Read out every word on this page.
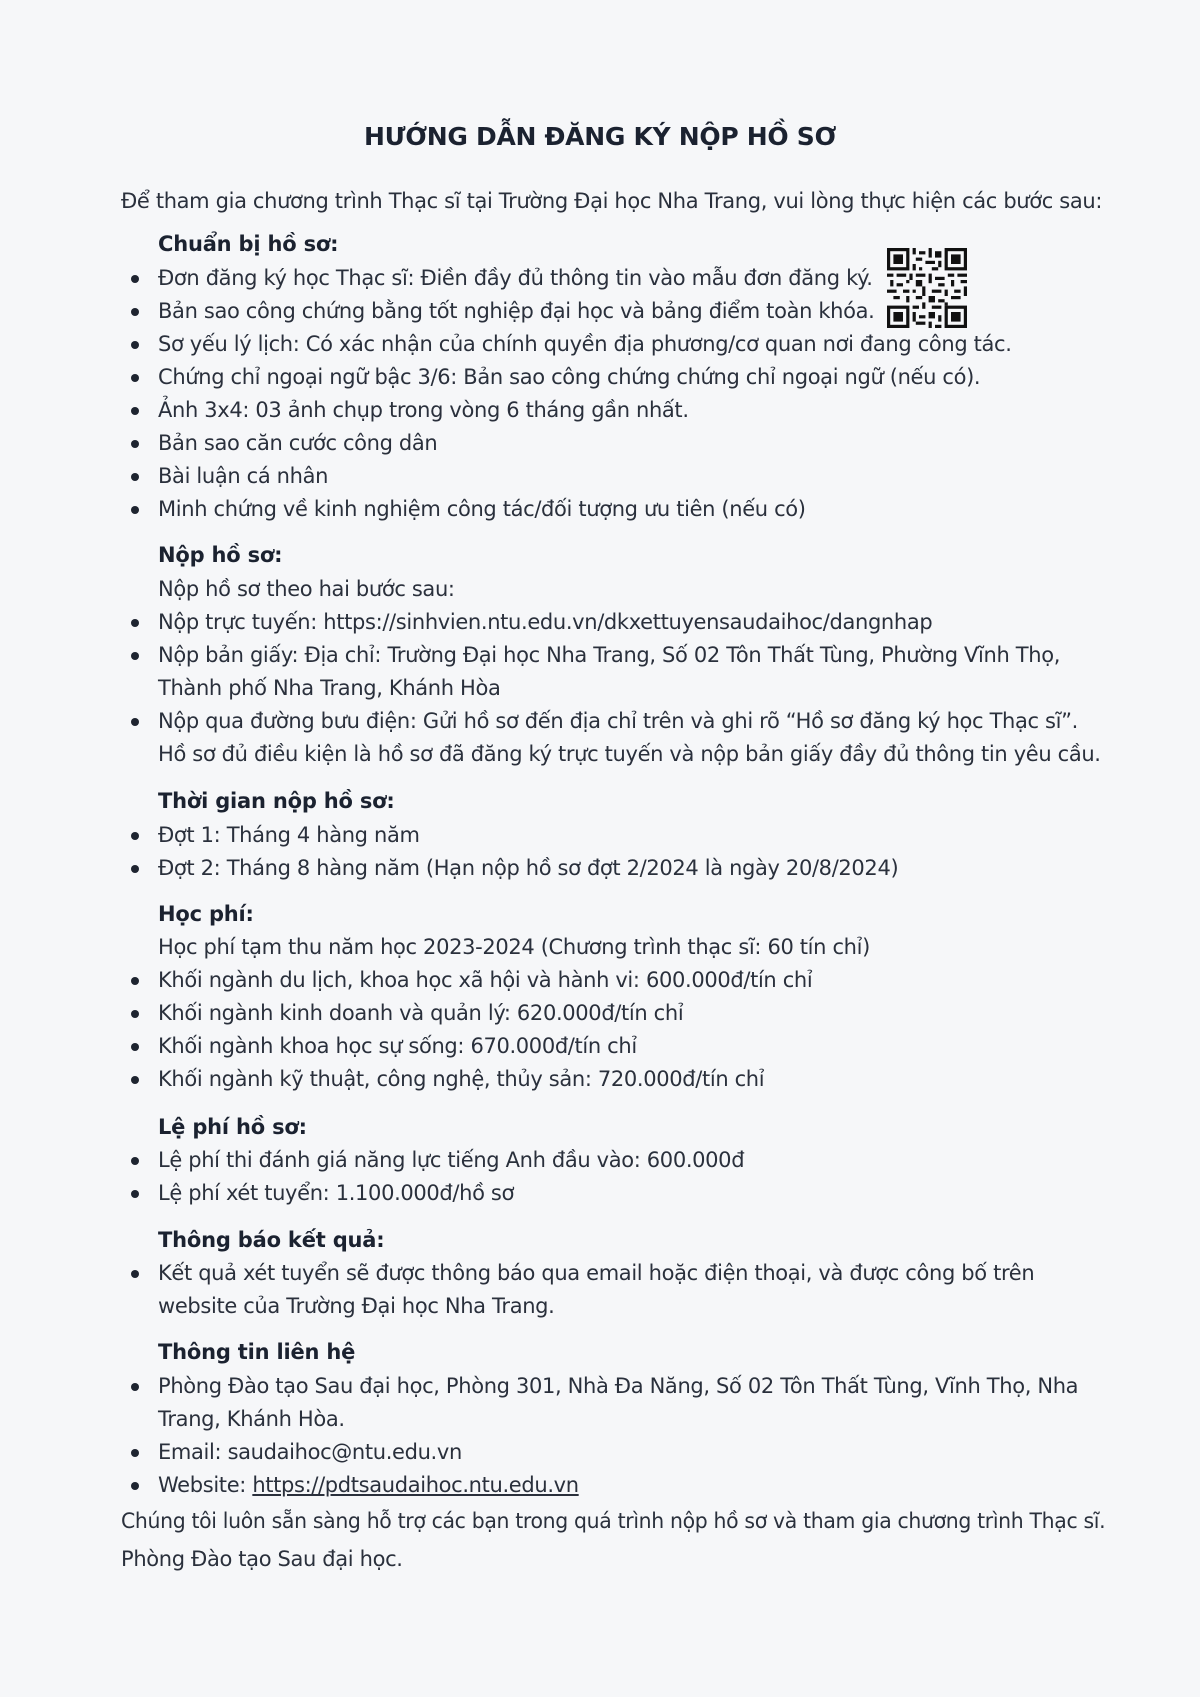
HƯỚNG DẪN ĐĂNG KÝ NỘP HỒ SƠ
Để tham gia chương trình Thạc sĩ tại Trường Đại học Nha Trang, vui lòng thực hiện các bước sau:
Chuẩn bị hồ sơ:
Đơn đăng ký học Thạc sĩ: Điền đầy đủ thông tin vào mẫu đơn đăng ký.
Bản sao công chứng bằng tốt nghiệp đại học và bảng điểm toàn khóa.
Sơ yếu lý lịch: Có xác nhận của chính quyền địa phương/cơ quan nơi đang công tác.
Chứng chỉ ngoại ngữ bậc 3/6: Bản sao công chứng chứng chỉ ngoại ngữ (nếu có).
Ảnh 3x4: 03 ảnh chụp trong vòng 6 tháng gần nhất.
Bản sao căn cước công dân
Bài luận cá nhân
Minh chứng về kinh nghiệm công tác/đối tượng ưu tiên (nếu có)
Nộp hồ sơ:
Nộp hồ sơ theo hai bước sau:
Nộp trực tuyến: https://sinhvien.ntu.edu.vn/dkxettuyensaudaihoc/dangnhap
Nộp bản giấy: Địa chỉ: Trường Đại học Nha Trang, Số 02 Tôn Thất Tùng, Phường Vĩnh Thọ,
Thành phố Nha Trang, Khánh Hòa
Nộp qua đường bưu điện: Gửi hồ sơ đến địa chỉ trên và ghi rõ “Hồ sơ đăng ký học Thạc sĩ”.
Hồ sơ đủ điều kiện là hồ sơ đã đăng ký trực tuyến và nộp bản giấy đầy đủ thông tin yêu cầu.
Thời gian nộp hồ sơ:
Đợt 1: Tháng 4 hàng năm
Đợt 2: Tháng 8 hàng năm (Hạn nộp hồ sơ đợt 2/2024 là ngày 20/8/2024)
Học phí:
Học phí tạm thu năm học 2023-2024 (Chương trình thạc sĩ: 60 tín chỉ)
Khối ngành du lịch, khoa học xã hội và hành vi: 600.000đ/tín chỉ
Khối ngành kinh doanh và quản lý: 620.000đ/tín chỉ
Khối ngành khoa học sự sống: 670.000đ/tín chỉ
Khối ngành kỹ thuật, công nghệ, thủy sản: 720.000đ/tín chỉ
Lệ phí hồ sơ:
Lệ phí thi đánh giá năng lực tiếng Anh đầu vào: 600.000đ
Lệ phí xét tuyển: 1.100.000đ/hồ sơ
Thông báo kết quả:
Kết quả xét tuyển sẽ được thông báo qua email hoặc điện thoại, và được công bố trên
website của Trường Đại học Nha Trang.
Thông tin liên hệ
Phòng Đào tạo Sau đại học, Phòng 301, Nhà Đa Năng, Số 02 Tôn Thất Tùng, Vĩnh Thọ, Nha
Trang, Khánh Hòa.
Email: saudaihoc@ntu.edu.vn
Website: https://pdtsaudaihoc.ntu.edu.vn
Chúng tôi luôn sẵn sàng hỗ trợ các bạn trong quá trình nộp hồ sơ và tham gia chương trình Thạc sĩ.
Phòng Đào tạo Sau đại học.
